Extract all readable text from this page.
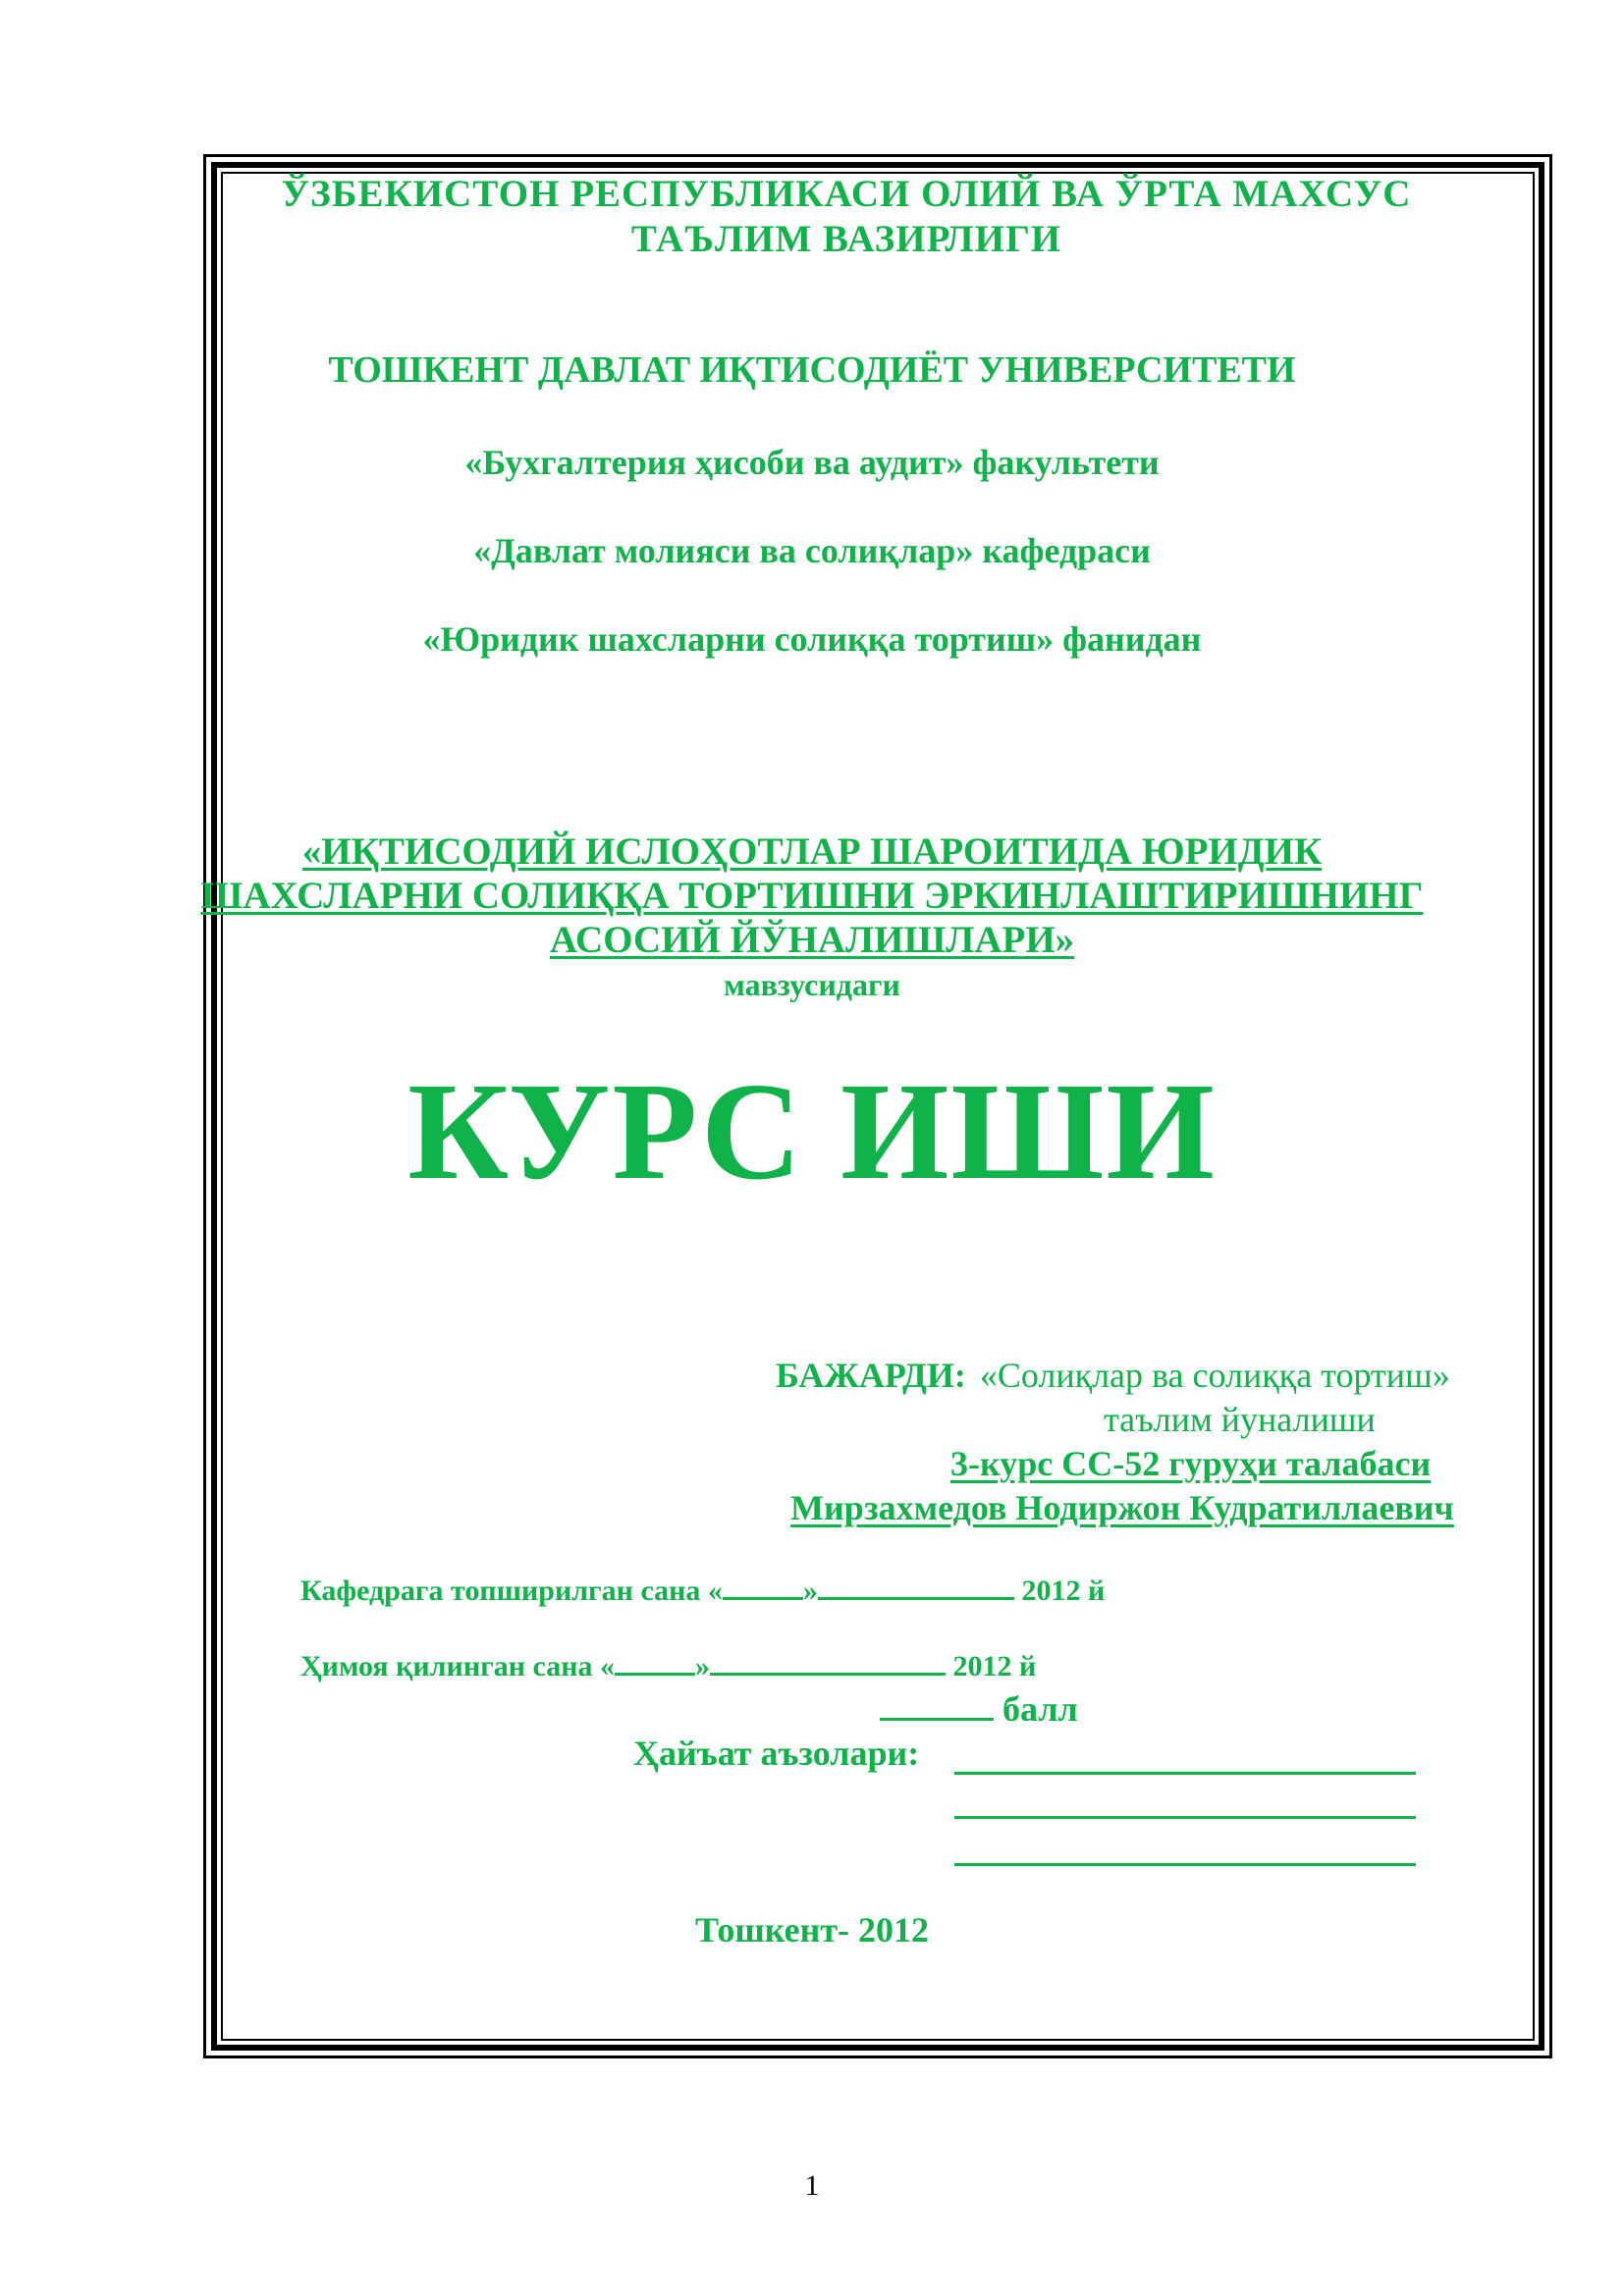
ЎЗБЕКИСТОН РЕСПУБЛИКАСИ ОЛИЙ ВА ЎРТА МАХСУС
ТАЪЛИМ ВАЗИРЛИГИ
ТОШКЕНТ ДАВЛАТ ИҚТИСОДИЁТ УНИВЕРСИТЕТИ
«Бухгалтерия ҳисоби ва аудит» факультети
«Давлат молияси ва солиқлар» кафедраси
«Юридик шахсларни солиққа тортиш» фанидан
«ИҚТИСОДИЙ ИСЛОҲОТЛАР ШАРОИТИДА ЮРИДИК
ШАХСЛАРНИ СОЛИҚҚА ТОРТИШНИ ЭРКИНЛАШТИРИШНИНГ
АСОСИЙ ЙЎНАЛИШЛАРИ»
мавзусидаги
КУРС ИШИ
БАЖАРДИ: «Солиқлар ва солиққа тортиш»
таълим йуналиши
3-курс СС-52 гуруҳи талабаси
Мирзахмедов Нодиржон Кудратиллаевич
Кафедрага топширилган сана «	»	2012 й
Ҳимоя қилинган сана «	»	2012 й
балл
Ҳайъат аъзолари:
Тошкент- 2012
1
